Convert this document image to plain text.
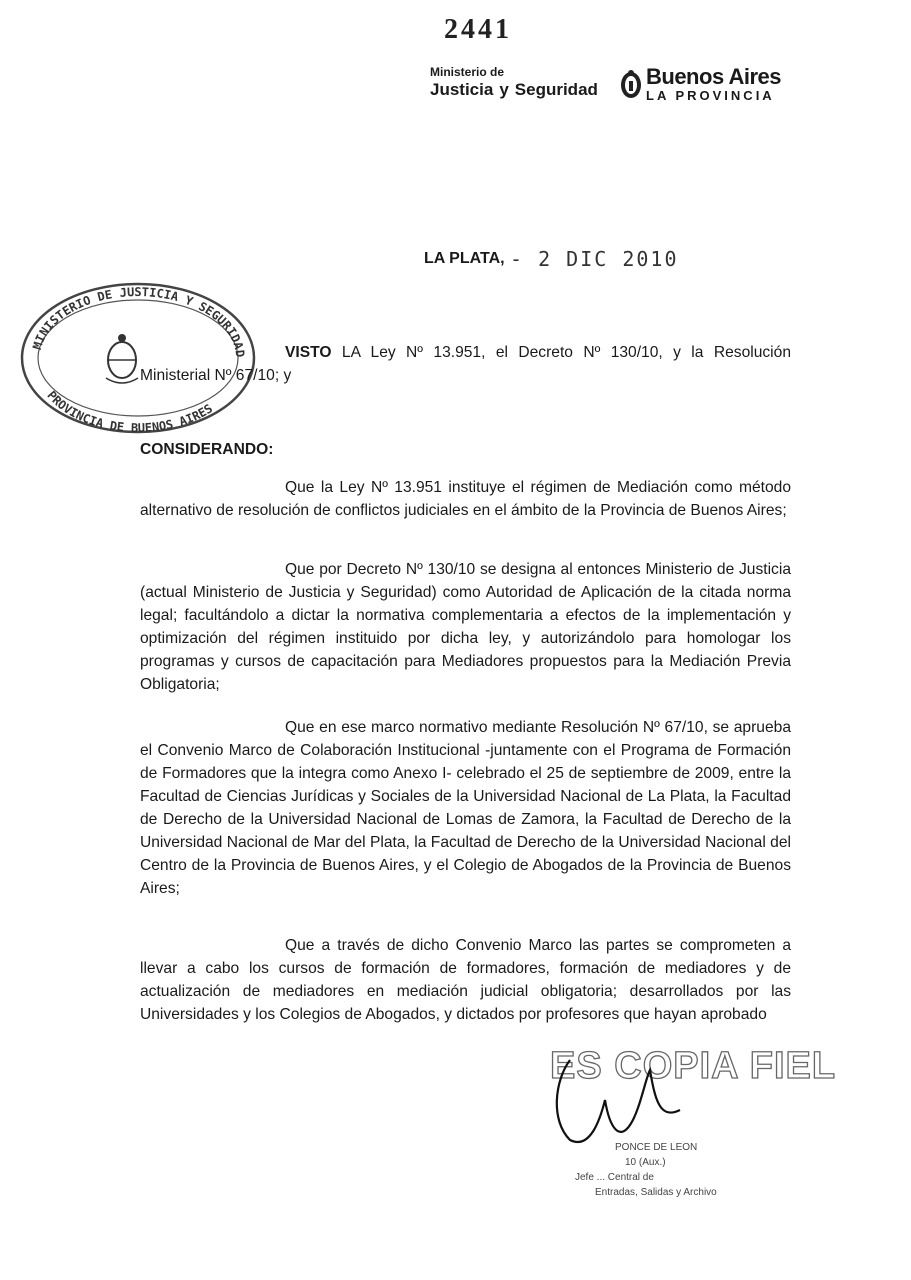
2441
Ministerio de
Justicia y Seguridad
Buenos Aires
LA PROVINCIA
LA PLATA, - 2 DIC 2010
MINISTERIO DE JUSTICIA Y SEGURIDAD
PROVINCIA DE BUENOS AIRES

VISTO LA Ley Nº 13.951, el Decreto Nº 130/10, y la Resolución Ministerial Nº 67/10; y

CONSIDERANDO:

Que la Ley Nº 13.951 instituye el régimen de Mediación como método alternativo de resolución de conflictos judiciales en el ámbito de la Provincia de Buenos Aires;

Que por Decreto Nº 130/10 se designa al entonces Ministerio de Justicia (actual Ministerio de Justicia y Seguridad) como Autoridad de Aplicación de la citada norma legal; facultándolo a dictar la normativa complementaria a efectos de la implementación y optimización del régimen instituido por dicha ley, y autorizándolo para homologar los programas y cursos de capacitación para Mediadores propuestos para la Mediación Previa Obligatoria;

Que en ese marco normativo mediante Resolución Nº 67/10, se aprueba el Convenio Marco de Colaboración Institucional -juntamente con el Programa de Formación de Formadores que la integra como Anexo I- celebrado el 25 de septiembre de 2009, entre la Facultad de Ciencias Jurídicas y Sociales de la Universidad Nacional de La Plata, la Facultad de Derecho de la Universidad Nacional de Lomas de Zamora, la Facultad de Derecho de la Universidad Nacional de Mar del Plata, la Facultad de Derecho de la Universidad Nacional del Centro de la Provincia de Buenos Aires, y el Colegio de Abogados de la Provincia de Buenos Aires;

Que a través de dicho Convenio Marco las partes se comprometen a llevar a cabo los cursos de formación de formadores, formación de mediadores y de actualización de mediadores en mediación judicial obligatoria; desarrollados por las Universidades y los Colegios de Abogados, y dictados por profesores que hayan aprobado

ES COPIA FIEL
PONCE DE LEON
10 (Aux.)
Jefe ... Central de
Entradas, Salidas y Archivo
